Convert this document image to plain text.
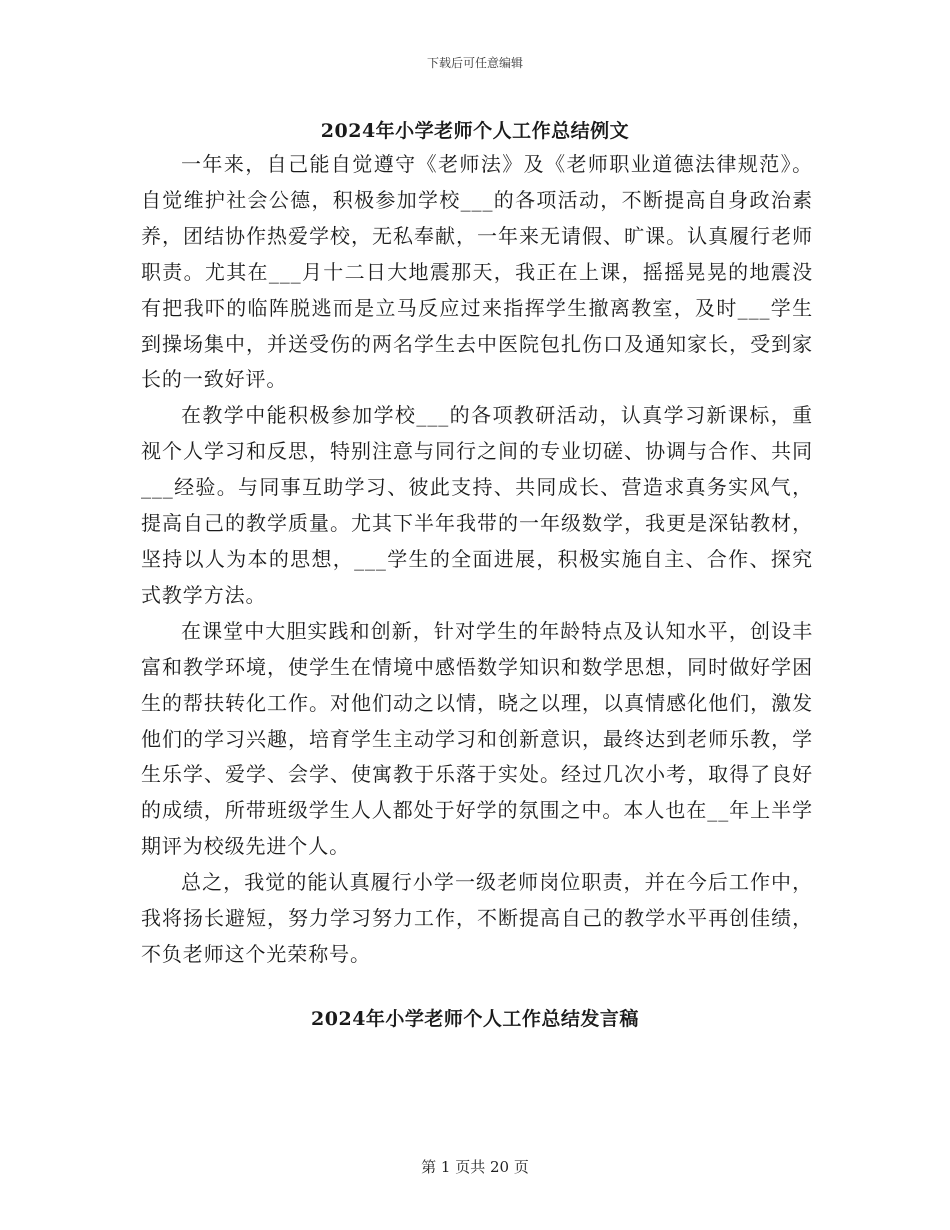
下载后可任意编辑
2024年小学老师个人工作总结例文

一年来，自己能自觉遵守《老师法》及《老师职业道德法律规范》。自觉维护社会公德，积极参加学校___的各项活动，不断提高自身政治素养，团结协作热爱学校，无私奉献，一年来无请假、旷课。认真履行老师职责。尤其在___月十二日大地震那天，我正在上课，摇摇晃晃的地震没有把我吓的临阵脱逃而是立马反应过来指挥学生撤离教室，及时___学生到操场集中，并送受伤的两名学生去中医院包扎伤口及通知家长，受到家长的一致好评。

在教学中能积极参加学校___的各项教研活动，认真学习新课标，重视个人学习和反思，特别注意与同行之间的专业切磋、协调与合作、共同___经验。与同事互助学习、彼此支持、共同成长、营造求真务实风气，提高自己的教学质量。尤其下半年我带的一年级数学，我更是深钻教材，坚持以人为本的思想，___学生的全面进展，积极实施自主、合作、探究式教学方法。

在课堂中大胆实践和创新，针对学生的年龄特点及认知水平，创设丰富和教学环境，使学生在情境中感悟数学知识和数学思想，同时做好学困生的帮扶转化工作。对他们动之以情，晓之以理，以真情感化他们，激发他们的学习兴趣，培育学生主动学习和创新意识，最终达到老师乐教，学生乐学、爱学、会学、使寓教于乐落于实处。经过几次小考，取得了良好的成绩，所带班级学生人人都处于好学的氛围之中。本人也在__年上半学期评为校级先进个人。

总之，我觉的能认真履行小学一级老师岗位职责，并在今后工作中，我将扬长避短，努力学习努力工作，不断提高自己的教学水平再创佳绩，不负老师这个光荣称号。

2024年小学老师个人工作总结发言稿
第 1 页共 20 页
